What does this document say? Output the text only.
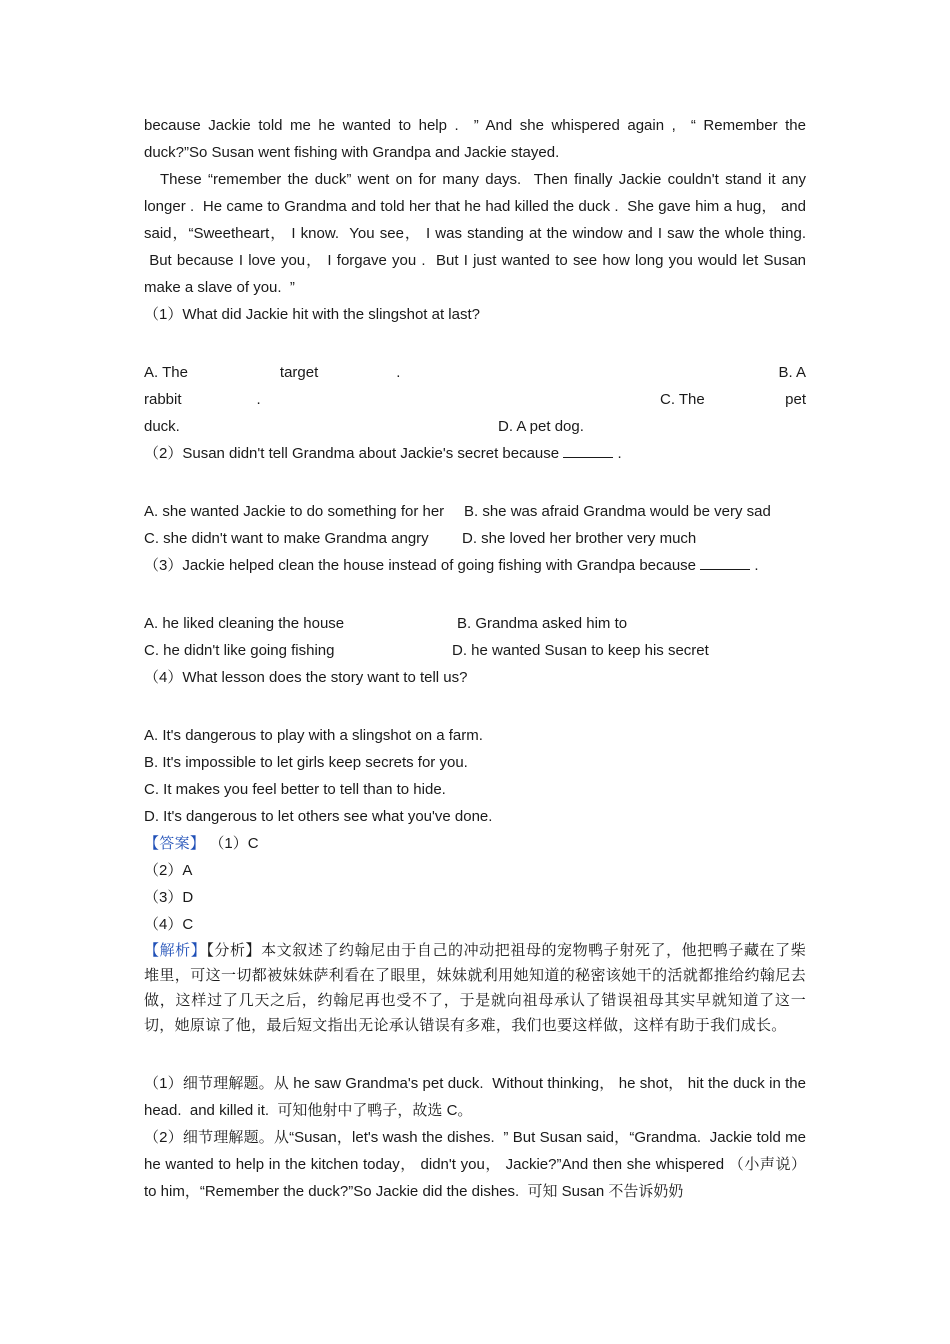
because Jackie told me he wanted to help .  ” And she whispered again ,  “ Remember the duck?”So Susan went fishing with Grandpa and Jackie stayed.

These “remember the duck” went on for many days.  Then finally Jackie couldn't stand it any longer .  He came to Grandma and told her that he had killed the duck .  She gave him a hug， and said，“Sweetheart， I know.  You see， I was standing at the window and I saw the whole thing.  But because I love you， I forgave you .  But I just wanted to see how long you would let Susan make a slave of you.  ”

（1）What did Jackie hit with the slingshot at last?

A. The	target	.	B. A
rabbit	.	C. The	pet
duck.	D. A pet dog.

（2）Susan didn't tell Grandma about Jackie's secret because	.

A. she wanted Jackie to do something for her	B. she was afraid Grandma would be very sad
C. she didn't want to make Grandma angry	D. she loved her brother very much

（3）Jackie helped clean the house instead of going fishing with Grandpa because	.

A. he liked cleaning the house	B. Grandma asked him to
C. he didn't like going fishing	D. he wanted Susan to keep his secret

（4）What lesson does the story want to tell us?

A. It's dangerous to play with a slingshot on a farm.

B. It's impossible to let girls keep secrets for you.

C. It makes you feel better to tell than to hide.

D. It's dangerous to let others see what you've done.

【答案】 （1）C

（2）A

（3）D

（4）C

【解析】【分析】本文叙述了约翰尼由于自己的冲动把祖母的宠物鸭子射死了，他把鸭子藏在了柴堆里，可这一切都被妹妹萨利看在了眼里，妹妹就利用她知道的秘密该她干的活就都推给约翰尼去做，这样过了几天之后，约翰尼再也受不了，于是就向祖母承认了错误祖母其实早就知道了这一切，她原谅了他，最后短文指出无论承认错误有多难，我们也要这样做，这样有助于我们成长。

（1）细节理解题。从 he saw Grandma's pet duck.  Without thinking， he shot， hit the duck in the head.  and killed it.  可知他射中了鸭子，故选 C。

（2）细节理解题。从“Susan，let's wash the dishes.  ” But Susan said，“Grandma.  Jackie told me he wanted to help in the kitchen today， didn't you， Jackie?”And then she whispered （小声说）to him，“Remember the duck?”So Jackie did the dishes.  可知 Susan 不告诉奶奶
